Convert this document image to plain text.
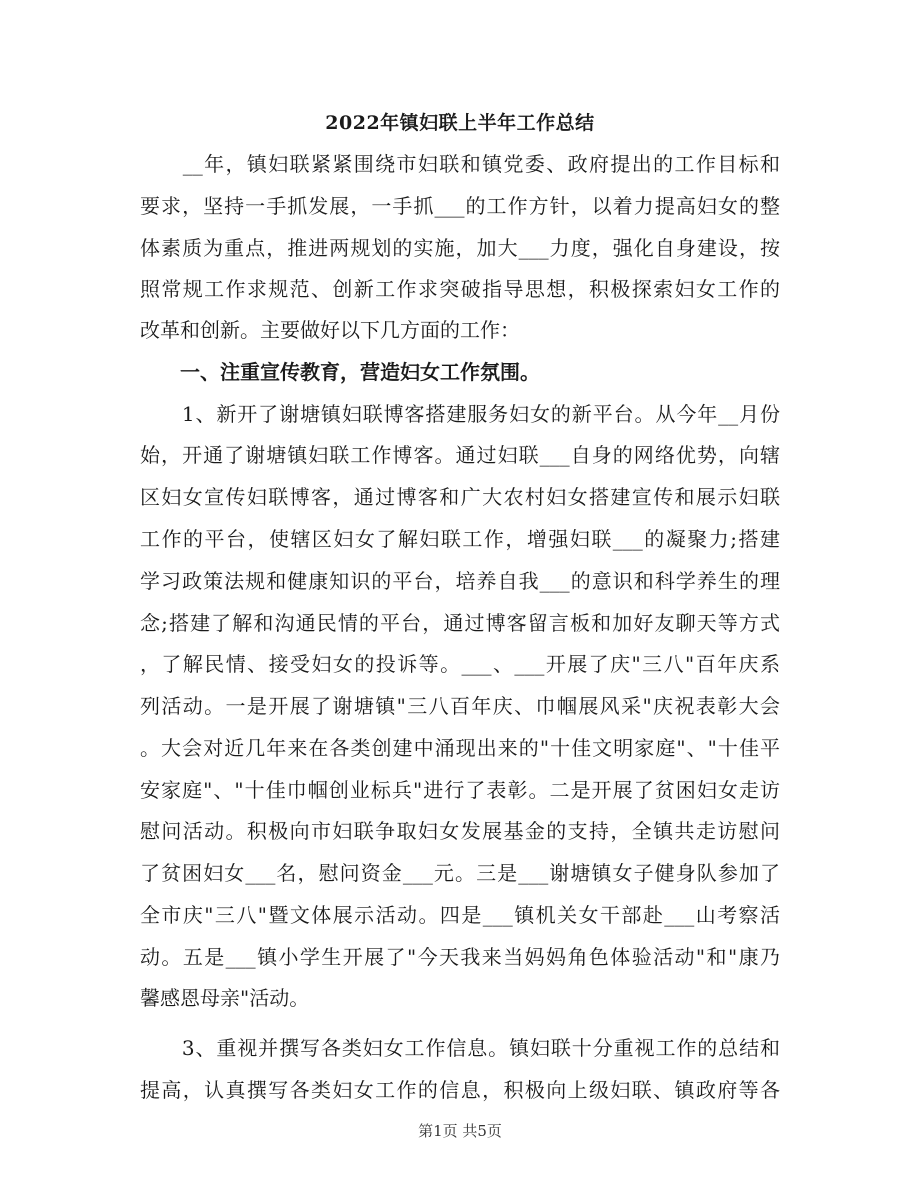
2022年镇妇联上半年工作总结
　　__年，镇妇联紧紧围绕市妇联和镇党委、政府提出的工作目标和
要求，坚持一手抓发展，一手抓___的工作方针，以着力提高妇女的整
体素质为重点，推进两规划的实施，加大___力度，强化自身建设，按
照常规工作求规范、创新工作求突破指导思想，积极探索妇女工作的
改革和创新。主要做好以下几方面的工作：
　　一、注重宣传教育，营造妇女工作氛围。
　　1、新开了谢塘镇妇联博客搭建服务妇女的新平台。从今年__月份
始，开通了谢塘镇妇联工作博客。通过妇联___自身的网络优势，向辖
区妇女宣传妇联博客，通过博客和广大农村妇女搭建宣传和展示妇联
工作的平台，使辖区妇女了解妇联工作，增强妇联___的凝聚力;搭建
学习政策法规和健康知识的平台，培养自我___的意识和科学养生的理
念;搭建了解和沟通民情的平台，通过博客留言板和加好友聊天等方式
，了解民情、接受妇女的投诉等。___、___开展了庆"三八"百年庆系
列活动。一是开展了谢塘镇"三八百年庆、巾帼展风采"庆祝表彰大会
。大会对近几年来在各类创建中涌现出来的"十佳文明家庭"、"十佳平
安家庭"、"十佳巾帼创业标兵"进行了表彰。二是开展了贫困妇女走访
慰问活动。积极向市妇联争取妇女发展基金的支持，全镇共走访慰问
了贫困妇女___名，慰问资金___元。三是___谢塘镇女子健身队参加了
全市庆"三八"暨文体展示活动。四是___镇机关女干部赴___山考察活
动。五是___镇小学生开展了"今天我来当妈妈角色体验活动"和"康乃
馨感恩母亲"活动。
　　3、重视并撰写各类妇女工作信息。镇妇联十分重视工作的总结和
提高，认真撰写各类妇女工作的信息，积极向上级妇联、镇政府等各
第1页 共5页
